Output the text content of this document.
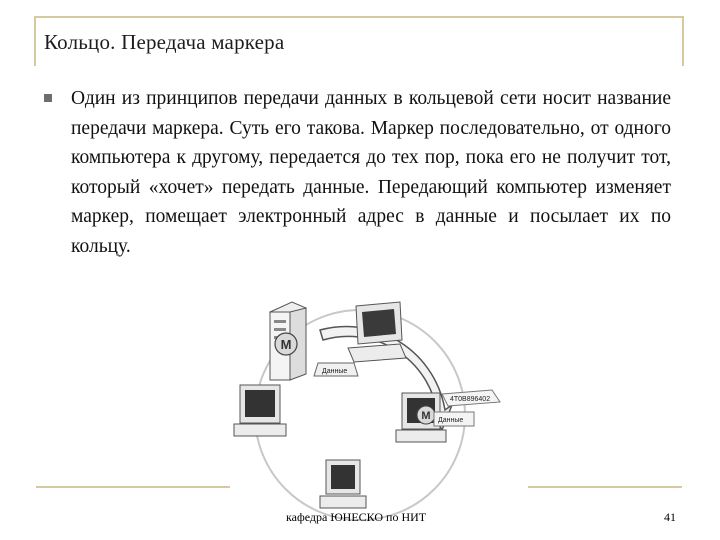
Кольцо. Передача маркера
Один из принципов передачи данных в кольцевой сети носит название передачи маркера. Суть его такова. Маркер последовательно, от одного компьютера к другому, передается до тех пор, пока его не получит тот, который «хочет» передать данные. Передающий компьютер изменяет маркер, помещает электронный адрес в данные и посылает их по кольцу.
M
Данные
M
4T0B896402
Данные
кафедра ЮНЕСКО по НИТ	41
